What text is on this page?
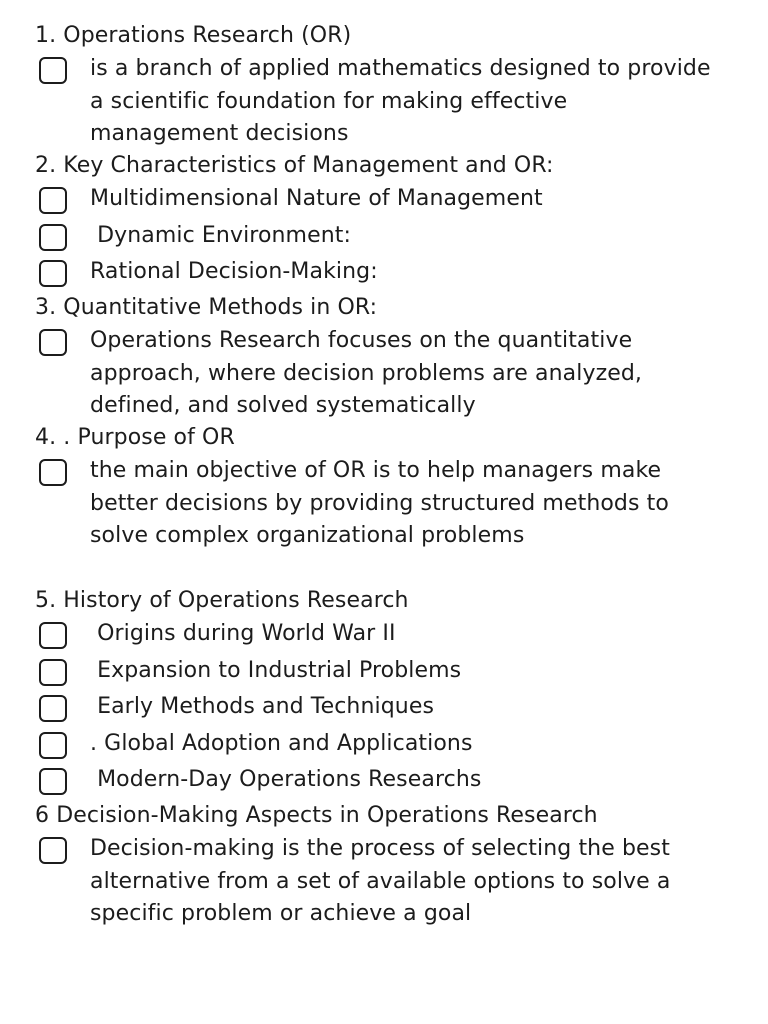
1. Operations Research (OR)
is a branch of applied mathematics designed to provide
a scientific foundation for making effective
management decisions
2. Key Characteristics of Management and OR:
Multidimensional Nature of Management
Dynamic Environment:
Rational Decision-Making:
3. Quantitative Methods in OR:
Operations Research focuses on the quantitative
approach, where decision problems are analyzed,
defined, and solved systematically
4. . Purpose of OR
the main objective of OR is to help managers make
better decisions by providing structured methods to
solve complex organizational problems
5. History of Operations Research
Origins during World War II
Expansion to Industrial Problems
Early Methods and Techniques
. Global Adoption and Applications
Modern-Day Operations Researchs
6 Decision-Making Aspects in Operations Research
Decision-making is the process of selecting the best
alternative from a set of available options to solve a
specific problem or achieve a goal
